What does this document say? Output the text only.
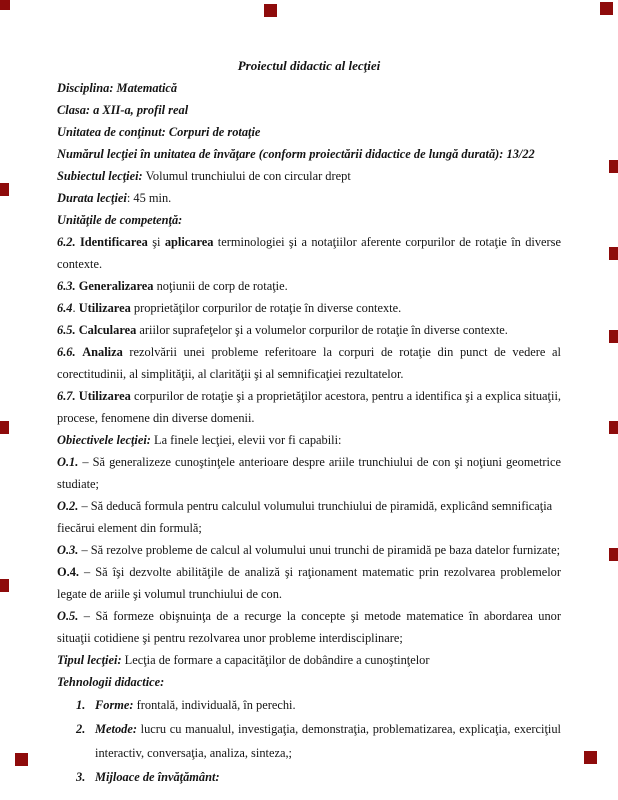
Proiectul didactic al lecţiei
Disciplina: Matematică
Clasa: a XII-a, profil real
Unitatea de conţinut: Corpuri de rotaţie
Numărul lecţiei în unitatea de învăţare (conform proiectării didactice de lungă durată): 13/22
Subiectul lecţiei: Volumul trunchiului de con circular drept
Durata lecţiei: 45 min.
Unităţile de competenţă:
6.2. Identificarea şi aplicarea terminologiei şi a notaţiilor aferente corpurilor de rotaţie în diverse contexte.
6.3. Generalizarea noţiunii de corp de rotaţie.
6.4. Utilizarea proprietăţilor corpurilor de rotaţie în diverse contexte.
6.5. Calcularea ariilor suprafeţelor şi a volumelor corpurilor de rotaţie în diverse contexte.
6.6. Analiza rezolvării unei probleme referitoare la corpuri de rotaţie din punct de vedere al corectitudinii, al simplităţii, al clarităţii şi al semnificaţiei rezultatelor.
6.7. Utilizarea corpurilor de rotaţie şi a proprietăţilor acestora, pentru a identifica şi a explica situaţii, procese, fenomene din diverse domenii.
Obiectivele lecţiei: La finele lecţiei, elevii vor fi capabili:
O.1. – Să generalizeze cunoştinţele anterioare despre ariile trunchiului de con şi noţiuni geometrice studiate;
O.2. – Să deducă formula pentru calculul volumului trunchiului de piramidă, explicând semnificaţia
fiecărui element din formulă;
O.3. – Să rezolve probleme de calcul al volumului unui trunchi de piramidă pe baza datelor furnizate;
O.4. – Să îşi dezvolte abilităţile de analiză şi raţionament matematic prin rezolvarea problemelor legate de ariile şi volumul trunchiului de con.
O.5. – Să formeze obişnuinţa de a recurge la concepte şi metode matematice în abordarea unor situaţii cotidiene şi pentru rezolvarea unor probleme interdisciplinare;
Tipul lecţiei: Lecţia de formare a capacităţilor de dobândire a cunoştinţelor
Tehnologii didactice:
1. Forme: frontală, individuală, în perechi.
2. Metode: lucru cu manualul, investigaţia, demonstraţia, problematizarea, explicaţia, exerciţiul interactiv, conversaţia, analiza, sinteza,;
3. Mijloace de învăţământ:
